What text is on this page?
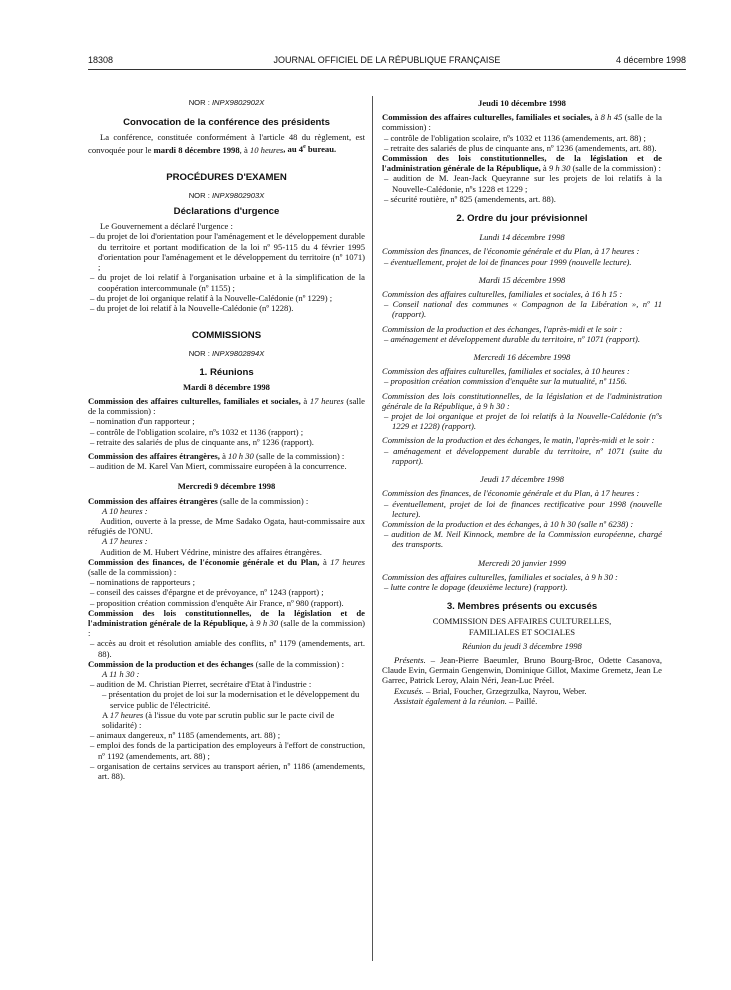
18308	JOURNAL OFFICIEL DE LA RÉPUBLIQUE FRANÇAISE	4 décembre 1998
NOR : INPX9802902X
Convocation de la conférence des présidents
La conférence, constituée conformément à l'article 48 du règlement, est convoquée pour le mardi 8 décembre 1998, à 10 heures, au 4e bureau.
PROCÉDURES D'EXAMEN
NOR : INPX9802903X
Déclarations d'urgence
Le Gouvernement a déclaré l'urgence :
– du projet de loi d'orientation pour l'aménagement et le développement durable du territoire et portant modification de la loi nº 95-115 du 4 février 1995 d'orientation pour l'aménagement et le développement du territoire (nº 1071) ;
– du projet de loi relatif à l'organisation urbaine et à la simplification de la coopération intercommunale (nº 1155) ;
– du projet de loi organique relatif à la Nouvelle-Calédonie (nº 1229) ;
– du projet de loi relatif à la Nouvelle-Calédonie (nº 1228).
COMMISSIONS
NOR : INPX9802894X
1. Réunions
Mardi 8 décembre 1998
Commission des affaires culturelles, familiales et sociales, à 17 heures (salle de la commission) :
– nomination d'un rapporteur ;
– contrôle de l'obligation scolaire, nºs 1032 et 1136 (rapport) ;
– retraite des salariés de plus de cinquante ans, nº 1236 (rapport).
Commission des affaires étrangères, à 10 h 30 (salle de la commission) :
– audition de M. Karel Van Miert, commissaire européen à la concurrence.
Mercredi 9 décembre 1998
Commission des affaires étrangères (salle de la commission) :
A 10 heures :
Audition, ouverte à la presse, de Mme Sadako Ogata, haut-commissaire aux réfugiés de l'ONU.
A 17 heures :
Audition de M. Hubert Védrine, ministre des affaires étrangères.
Commission des finances, de l'économie générale et du Plan, à 17 heures (salle de la commission) :
– nominations de rapporteurs ;
– conseil des caisses d'épargne et de prévoyance, nº 1243 (rapport) ;
– proposition création commission d'enquête Air France, nº 980 (rapport).
Commission des lois constitutionnelles, de la législation et de l'administration générale de la République, à 9 h 30 (salle de la commission) :
– accès au droit et résolution amiable des conflits, nº 1179 (amendements, art. 88).
Commission de la production et des échanges (salle de la commission) :
A 11 h 30 :
– audition de M. Christian Pierret, secrétaire d'Etat à l'industrie :
– présentation du projet de loi sur la modernisation et le développement du service public de l'électricité.
A 17 heures (à l'issue du vote par scrutin public sur le pacte civil de solidarité) :
– animaux dangereux, nº 1185 (amendements, art. 88) ;
– emploi des fonds de la participation des employeurs à l'effort de construction, nº 1192 (amendements, art. 88) ;
– organisation de certains services au transport aérien, nº 1186 (amendements, art. 88).
Jeudi 10 décembre 1998
Commission des affaires culturelles, familiales et sociales, à 8 h 45 (salle de la commission) :
– contrôle de l'obligation scolaire, nºs 1032 et 1136 (amendements, art. 88) ;
– retraite des salariés de plus de cinquante ans, nº 1236 (amendements, art. 88).
Commission des lois constitutionnelles, de la législation et de l'administration générale de la République, à 9 h 30 (salle de la commission) :
– audition de M. Jean-Jack Queyranne sur les projets de loi relatifs à la Nouvelle-Calédonie, nºs 1228 et 1229 ;
– sécurité routière, nº 825 (amendements, art. 88).
2. Ordre du jour prévisionnel
Lundi 14 décembre 1998
Commission des finances, de l'économie générale et du Plan, à 17 heures :
– éventuellement, projet de loi de finances pour 1999 (nouvelle lecture).
Mardi 15 décembre 1998
Commission des affaires culturelles, familiales et sociales, à 16 h 15 :
– Conseil national des communes « Compagnon de la Libération », nº 11 (rapport).
Commission de la production et des échanges, l'après-midi et le soir :
– aménagement et développement durable du territoire, nº 1071 (rapport).
Mercredi 16 décembre 1998
Commission des affaires culturelles, familiales et sociales, à 10 heures :
– proposition création commission d'enquête sur la mutualité, nº 1156.
Commission des lois constitutionnelles, de la législation et de l'administration générale de la République, à 9 h 30 :
– projet de loi organique et projet de loi relatifs à la Nouvelle-Calédonie (nºs 1229 et 1228) (rapport).
Commission de la production et des échanges, le matin, l'après-midi et le soir :
– aménagement et développement durable du territoire, nº 1071 (suite du rapport).
Jeudi 17 décembre 1998
Commission des finances, de l'économie générale et du Plan, à 17 heures :
– éventuellement, projet de loi de finances rectificative pour 1998 (nouvelle lecture).
Commission de la production et des échanges, à 10 h 30 (salle nº 6238) :
– audition de M. Neil Kinnock, membre de la Commission européenne, chargé des transports.
Mercredi 20 janvier 1999
Commission des affaires culturelles, familiales et sociales, à 9 h 30 :
– lutte contre le dopage (deuxième lecture) (rapport).
3. Membres présents ou excusés
COMMISSION DES AFFAIRES CULTURELLES, FAMILIALES ET SOCIALES
Réunion du jeudi 3 décembre 1998
Présents. – Jean-Pierre Baeumler, Bruno Bourg-Broc, Odette Casanova, Claude Evin, Germain Gengenwin, Dominique Gillot, Maxime Gremetz, Jean Le Garrec, Patrick Leroy, Alain Néri, Jean-Luc Préel.
Excusés. – Brial, Foucher, Grzegrzulka, Nayrou, Weber.
Assistait également à la réunion. – Paillé.
